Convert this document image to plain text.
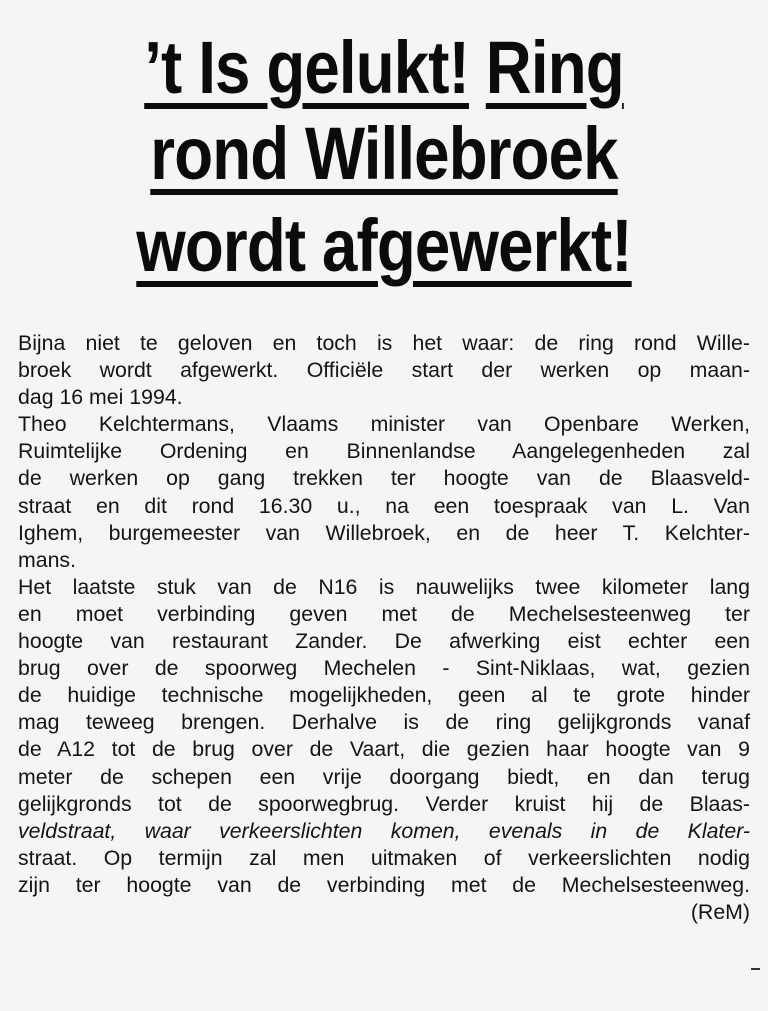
’t Is gelukt! Ring
rond Willebroek
wordt afgewerkt!
Bijna niet te geloven en toch is het waar: de ring rond Wille-
broek wordt afgewerkt. Officiële start der werken op maan-
dag 16 mei 1994.
Theo Kelchtermans, Vlaams minister van Openbare Werken,
Ruimtelijke Ordening en Binnenlandse Aangelegenheden zal
de werken op gang trekken ter hoogte van de Blaasveld-
straat en dit rond 16.30 u., na een toespraak van L. Van
Ighem, burgemeester van Willebroek, en de heer T. Kelchter-
mans.
Het laatste stuk van de N16 is nauwelijks twee kilometer lang
en moet verbinding geven met de Mechelsesteenweg ter
hoogte van restaurant Zander. De afwerking eist echter een
brug over de spoorweg Mechelen - Sint-Niklaas, wat, gezien
de huidige technische mogelijkheden, geen al te grote hinder
mag teweeg brengen. Derhalve is de ring gelijkgronds vanaf
de A12 tot de brug over de Vaart, die gezien haar hoogte van 9
meter de schepen een vrije doorgang biedt, en dan terug
gelijkgronds tot de spoorwegbrug. Verder kruist hij de Blaas-
veldstraat, waar verkeerslichten komen, evenals in de Klater-
straat. Op termijn zal men uitmaken of verkeerslichten nodig
zijn ter hoogte van de verbinding met de Mechelsesteenweg.
(ReM)
